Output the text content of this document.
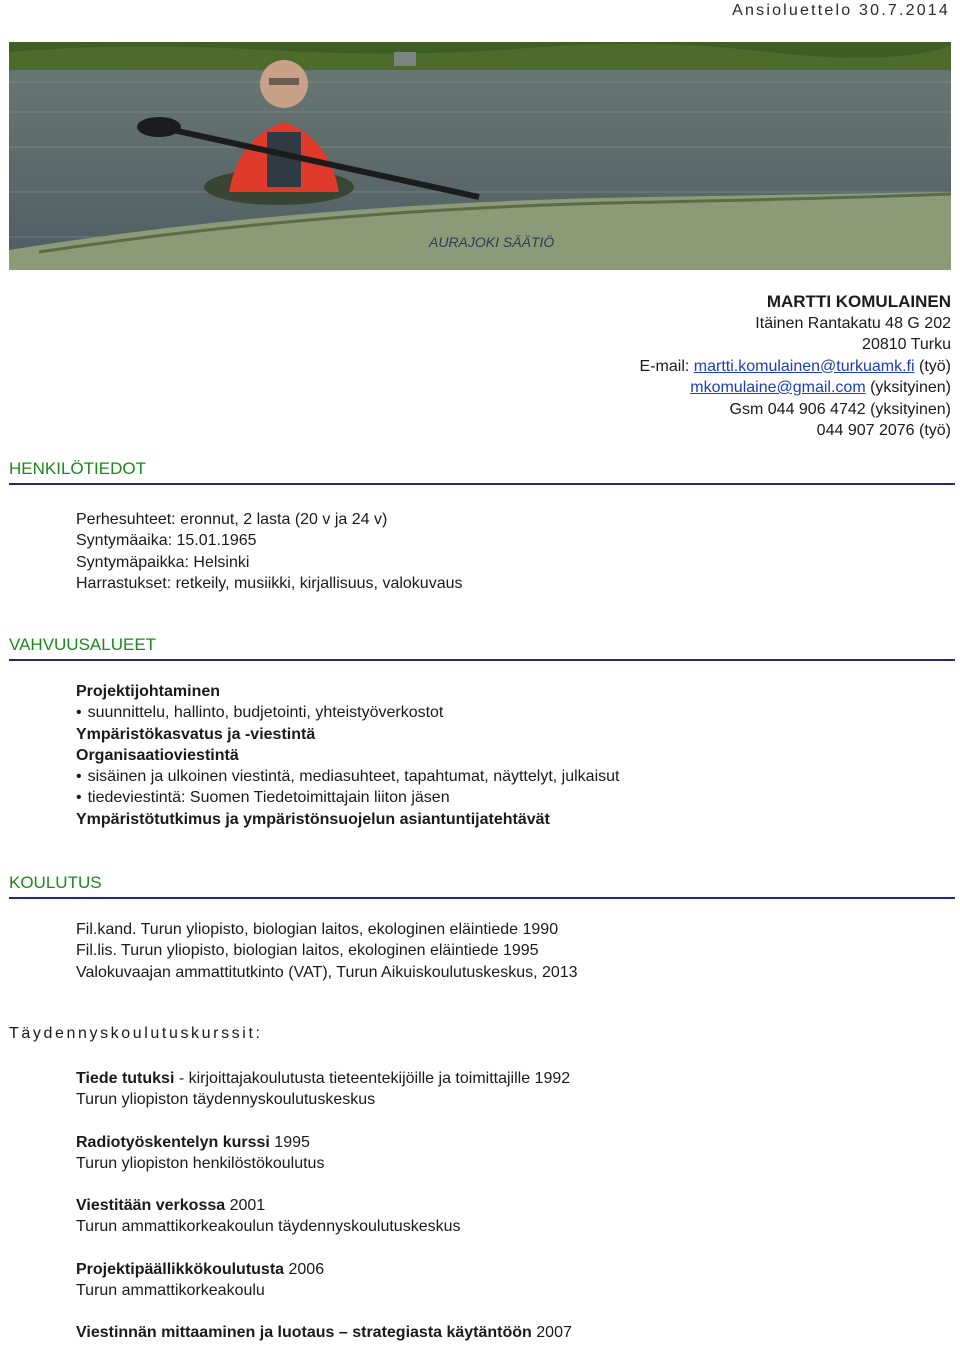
Ansioluettelo 30.7.2014
AURAJOKI SÄÄTIÖ
MARTTI KOMULAINEN
Itäinen Rantakatu 48 G 202
20810 Turku
E-mail: martti.komulainen@turkuamk.fi (työ)
mkomulaine@gmail.com (yksityinen)
Gsm 044 906 4742 (yksityinen)
044 907 2076 (työ)
HENKILÖTIEDOT

Perhesuhteet: eronnut, 2 lasta (20 v ja 24 v)

Syntymäaika: 15.01.1965

Syntymäpaikka: Helsinki

Harrastukset: retkeily, musiikki, kirjallisuus, valokuvaus

VAHVUUSALUEET

Projektijohtaminen

• suunnittelu, hallinto, budjetointi, yhteistyöverkostot

Ympäristökasvatus ja -viestintä

Organisaatioviestintä

• sisäinen ja ulkoinen viestintä, mediasuhteet, tapahtumat, näyttelyt, julkaisut

• tiedeviestintä: Suomen Tiedetoimittajain liiton jäsen

Ympäristötutkimus ja ympäristönsuojelun asiantuntijatehtävät

KOULUTUS

Fil.kand. Turun yliopisto, biologian laitos, ekologinen eläintiede 1990

Fil.lis. Turun yliopisto, biologian laitos, ekologinen eläintiede 1995

Valokuvaajan ammattitutkinto (VAT), Turun Aikuiskoulutuskeskus, 2013

Täydennyskoulutuskurssit:

Tiede tutuksi - kirjoittajakoulutusta tieteentekijöille ja toimittajille 1992

Turun yliopiston täydennyskoulutuskeskus

Radiotyöskentelyn kurssi 1995

Turun yliopiston henkilöstökoulutus

Viestitään verkossa 2001

Turun ammattikorkeakoulun täydennyskoulutuskeskus

Projektipäällikkökoulutusta 2006

Turun ammattikorkeakoulu

Viestinnän mittaaminen ja luotaus – strategiasta käytäntöön 2007
